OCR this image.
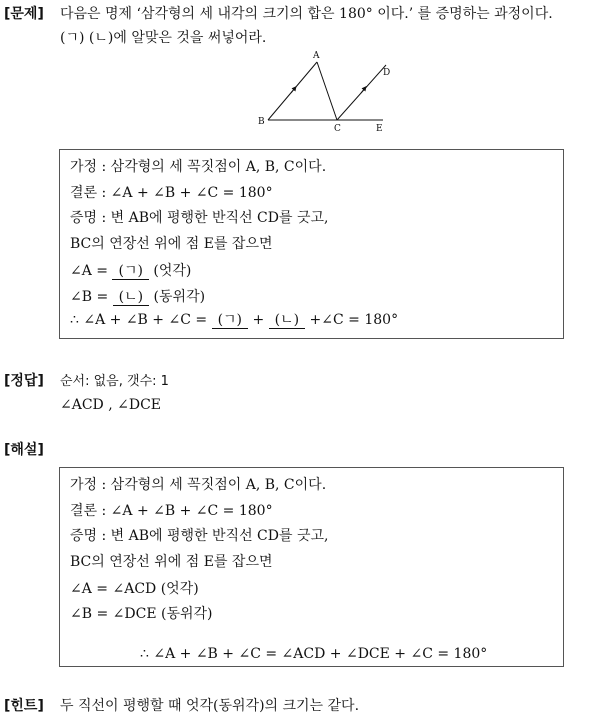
[문제] 다음은 명제 ‘삼각형의 세 내각의 크기의 합은 180° 이다.’ 를 증명하는 과정이다.
(ㄱ) (ㄴ)에 알맞은 것을 써넣어라.
A
B
C
D
E
가정 : 삼각형의 세 꼭짓점이 A, B, C이다.
결론 : ∠A + ∠B + ∠C = 180°
증명 : 변 AB에 평행한 반직선 CD를 긋고,
BC의 연장선 위에 점 E를 잡으면
∠A = (ㄱ) (엇각)
∠B = (ㄴ) (동위각)
∴ ∠A + ∠B + ∠C = (ㄱ) + (ㄴ) +∠C = 180°
[정답] 순서: 없음, 갯수: 1
∠ACD , ∠DCE
[해설]
가정 : 삼각형의 세 꼭짓점이 A, B, C이다.
결론 : ∠A + ∠B + ∠C = 180°
증명 : 변 AB에 평행한 반직선 CD를 긋고,
BC의 연장선 위에 점 E를 잡으면
∠A = ∠ACD (엇각)
∠B = ∠DCE (동위각)
∴ ∠A + ∠B + ∠C = ∠ACD + ∠DCE + ∠C = 180°
[힌트] 두 직선이 평행할 때 엇각(동위각)의 크기는 같다.
